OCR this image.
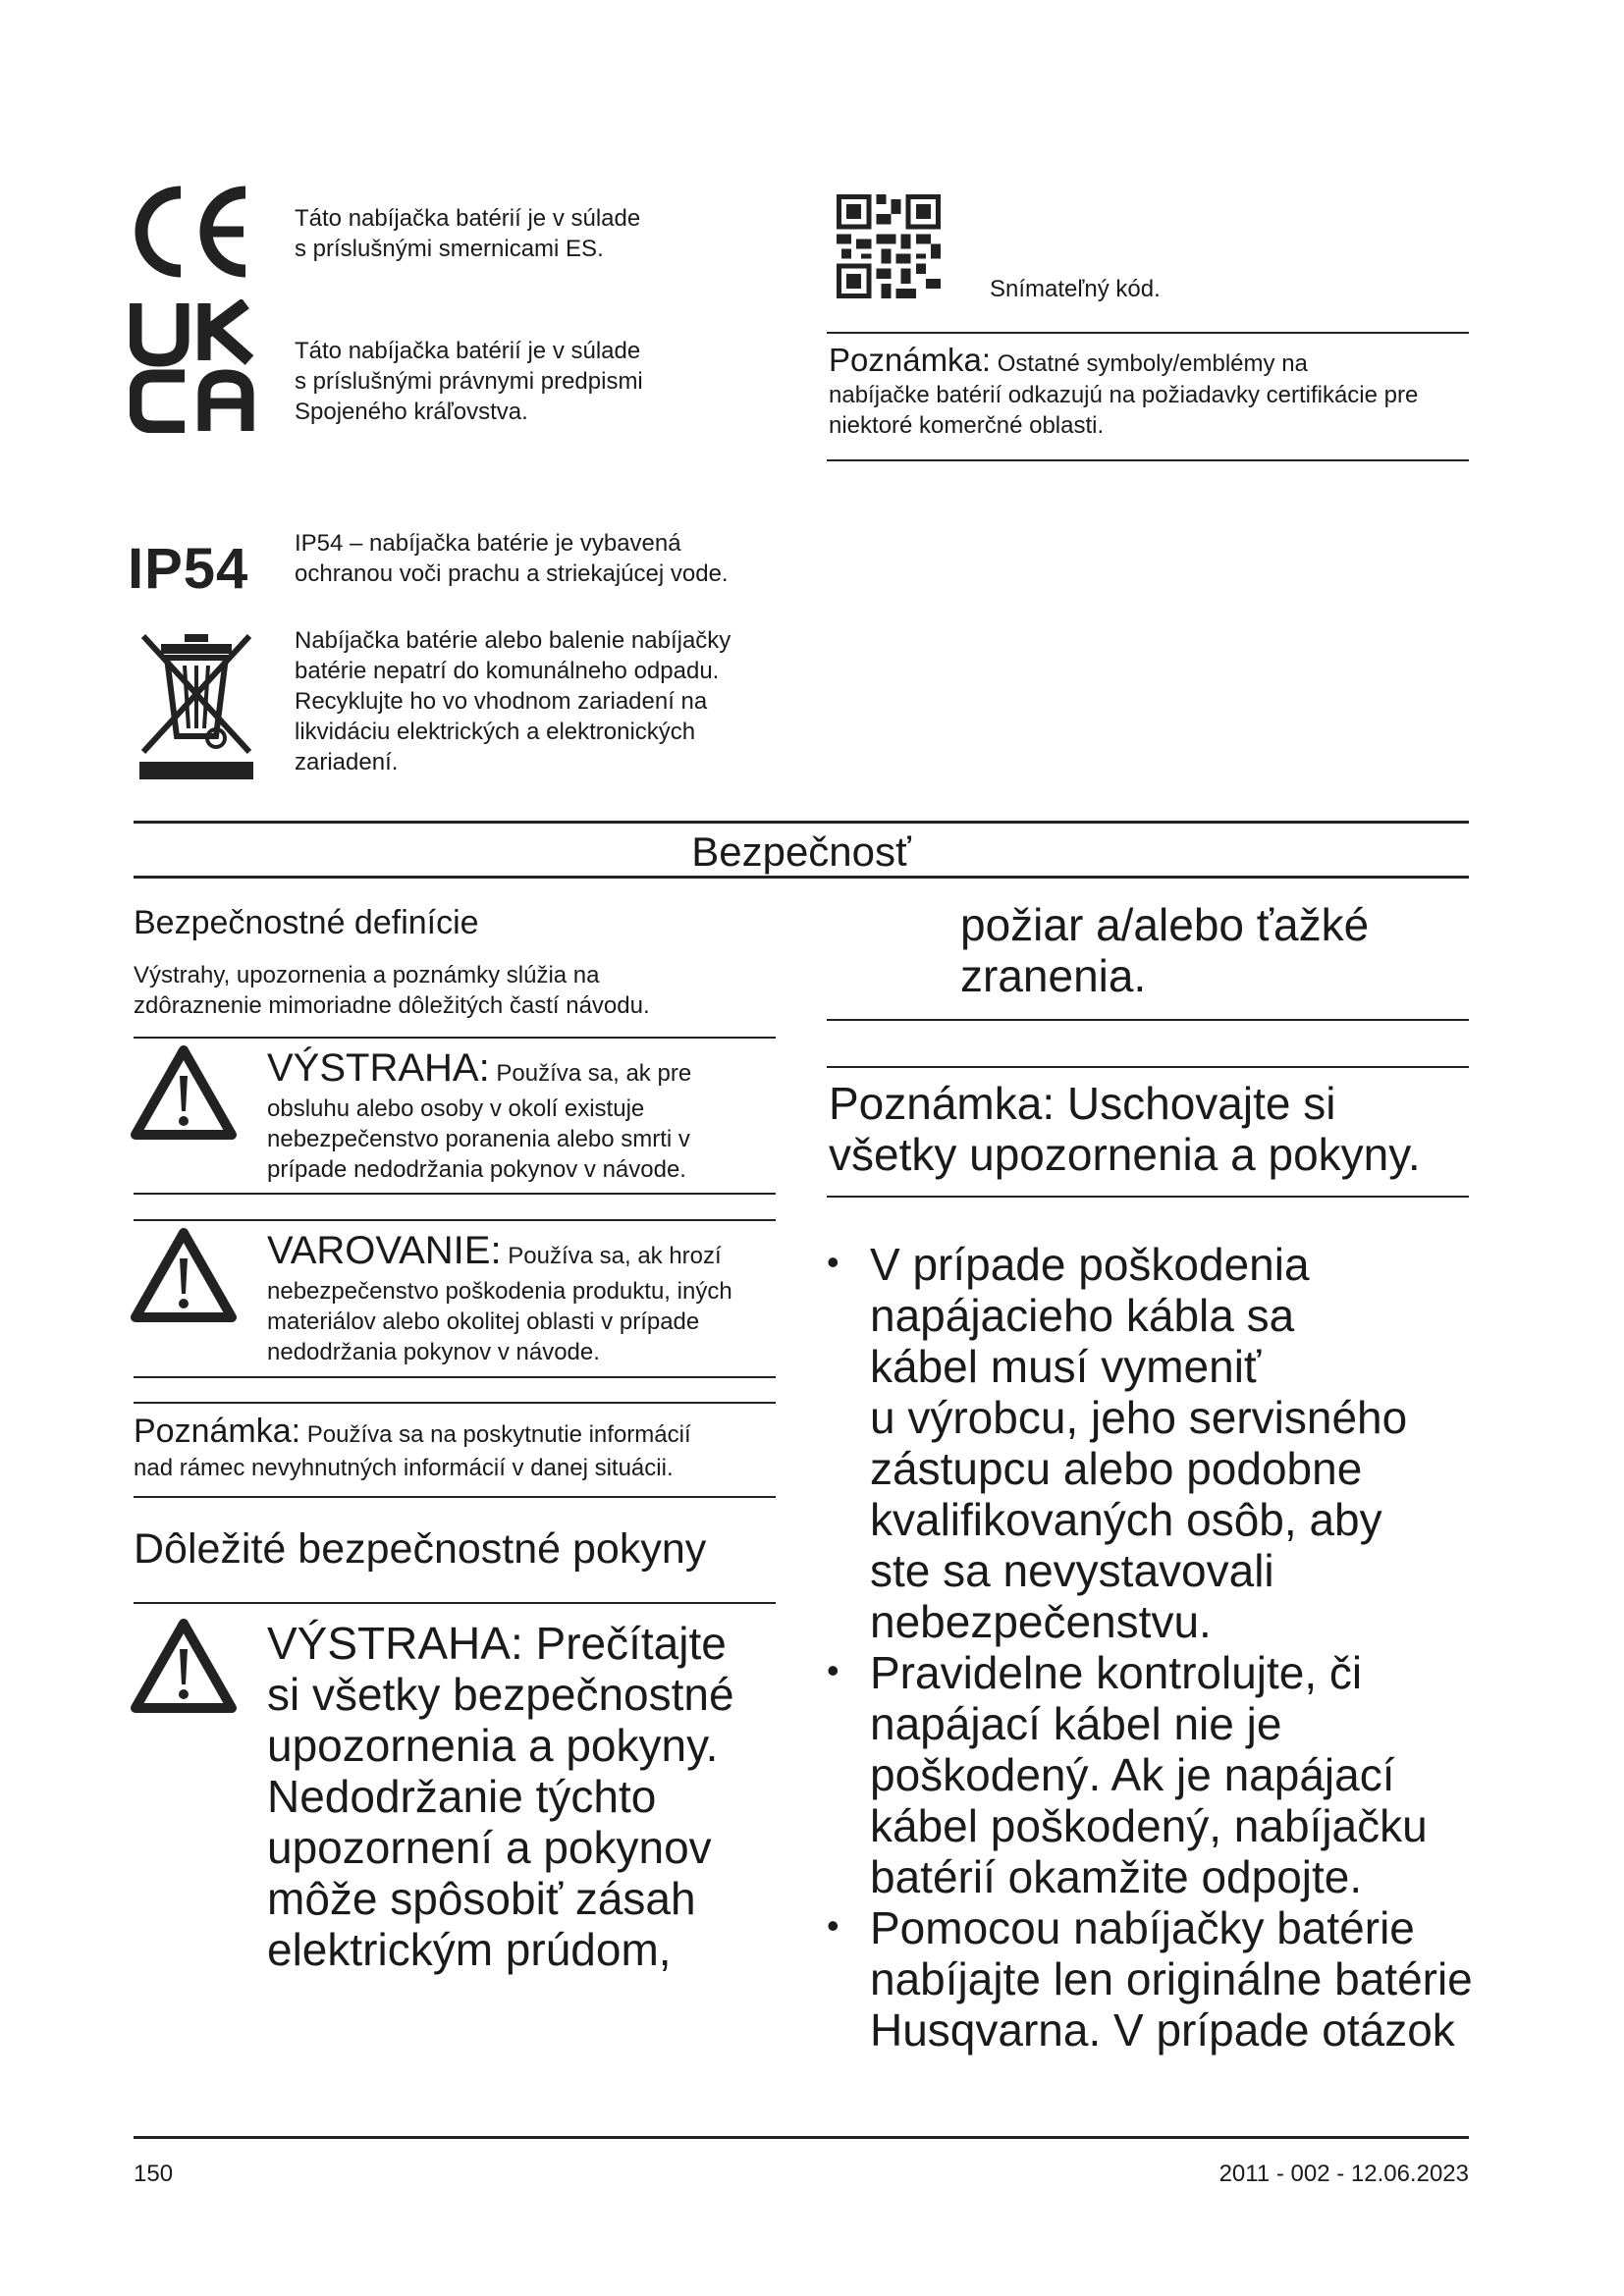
Táto nabíjačka batérií je v súlade
s príslušnými smernicami ES.
Táto nabíjačka batérií je v súlade
s príslušnými právnymi predpismi
Spojeného kráľovstva.
IP54 IP54 – nabíjačka batérie je vybavená
ochranou voči prachu a striekajúcej vode.
Nabíjačka batérie alebo balenie nabíjačky
batérie nepatrí do komunálneho odpadu.
Recyklujte ho vo vhodnom zariadení na
likvidáciu elektrických a elektronických
zariadení.
Snímateľný kód.
Poznámka: Ostatné symboly/emblémy na
nabíjačke batérií odkazujú na požiadavky certifikácie pre
niektoré komerčné oblasti.
Bezpečnosť
Bezpečnostné definície
Výstrahy, upozornenia a poznámky slúžia na
zdôraznenie mimoriadne dôležitých častí návodu.
VÝSTRAHA: Používa sa, ak pre
obsluhu alebo osoby v okolí existuje
nebezpečenstvo poranenia alebo smrti v
prípade nedodržania pokynov v návode.
VAROVANIE: Používa sa, ak hrozí
nebezpečenstvo poškodenia produktu, iných
materiálov alebo okolitej oblasti v prípade
nedodržania pokynov v návode.
Poznámka: Používa sa na poskytnutie informácií
nad rámec nevyhnutných informácií v danej situácii.
Dôležité bezpečnostné pokyny
VÝSTRAHA: Prečítajte
si všetky bezpečnostné
upozornenia a pokyny.
Nedodržanie týchto
upozornení a pokynov
môže spôsobiť zásah
elektrickým prúdom,
požiar a/alebo ťažké
zranenia.
Poznámka: Uschovajte si
všetky upozornenia a pokyny.
• V prípade poškodenia
napájacieho kábla sa
kábel musí vymeniť
u výrobcu, jeho servisného
zástupcu alebo podobne
kvalifikovaných osôb, aby
ste sa nevystavovali
nebezpečenstvu.
• Pravidelne kontrolujte, či
napájací kábel nie je
poškodený. Ak je napájací
kábel poškodený, nabíjačku
batérií okamžite odpojte.
• Pomocou nabíjačky batérie
nabíjajte len originálne batérie
Husqvarna. V prípade otázok
150	2011 - 002 - 12.06.2023
